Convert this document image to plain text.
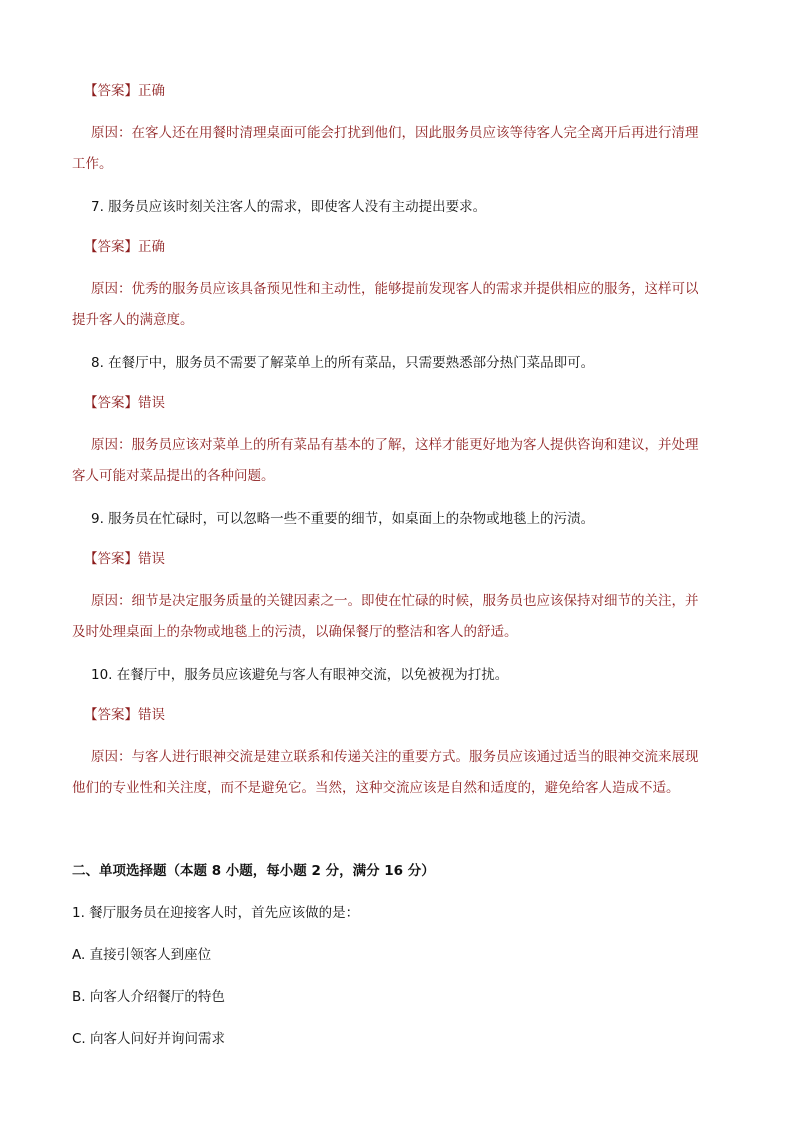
【答案】正确
原因：在客人还在用餐时清理桌面可能会打扰到他们，因此服务员应该等待客人完全离开后再进行清理
工作。
7. 服务员应该时刻关注客人的需求，即使客人没有主动提出要求。
【答案】正确
原因：优秀的服务员应该具备预见性和主动性，能够提前发现客人的需求并提供相应的服务，这样可以
提升客人的满意度。
8. 在餐厅中，服务员不需要了解菜单上的所有菜品，只需要熟悉部分热门菜品即可。
【答案】错误
原因：服务员应该对菜单上的所有菜品有基本的了解，这样才能更好地为客人提供咨询和建议，并处理
客人可能对菜品提出的各种问题。
9. 服务员在忙碌时，可以忽略一些不重要的细节，如桌面上的杂物或地毯上的污渍。
【答案】错误
原因：细节是决定服务质量的关键因素之一。即使在忙碌的时候，服务员也应该保持对细节的关注，并
及时处理桌面上的杂物或地毯上的污渍，以确保餐厅的整洁和客人的舒适。
10. 在餐厅中，服务员应该避免与客人有眼神交流，以免被视为打扰。
【答案】错误
原因：与客人进行眼神交流是建立联系和传递关注的重要方式。服务员应该通过适当的眼神交流来展现
他们的专业性和关注度，而不是避免它。当然，这种交流应该是自然和适度的，避免给客人造成不适。
二、单项选择题（本题 8 小题，每小题 2 分，满分 16 分）
1. 餐厅服务员在迎接客人时，首先应该做的是：
A. 直接引领客人到座位
B. 向客人介绍餐厅的特色
C. 向客人问好并询问需求
